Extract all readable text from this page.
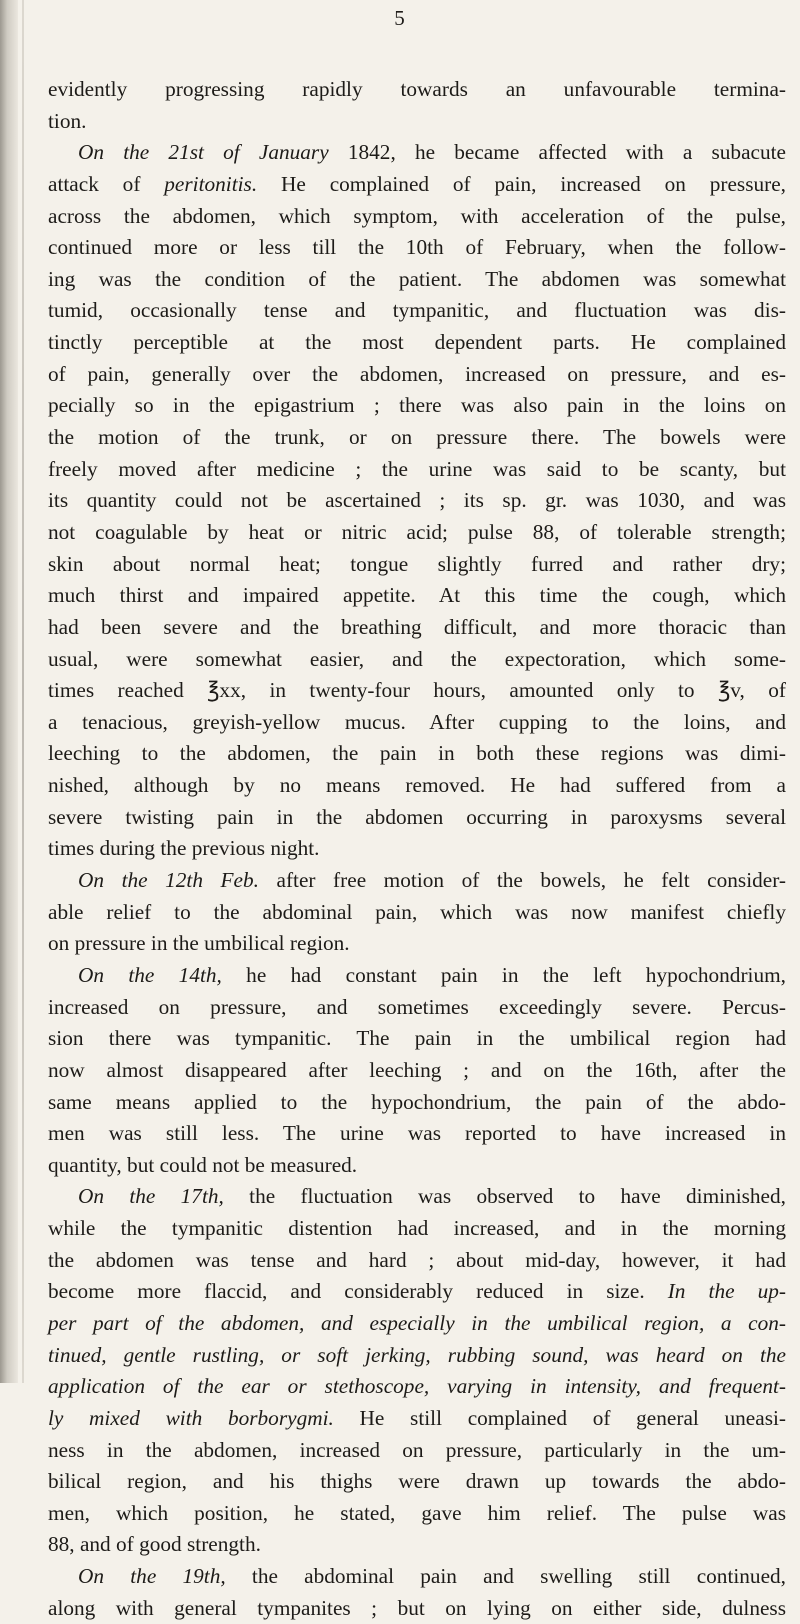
5
evidently progressing rapidly towards an unfavourable termina-
tion.
On the 21st of January 1842, he became affected with a subacute
attack of peritonitis. He complained of pain, increased on pressure,
across the abdomen, which symptom, with acceleration of the pulse,
continued more or less till the 10th of February, when the follow-
ing was the condition of the patient. The abdomen was somewhat
tumid, occasionally tense and tympanitic, and fluctuation was dis-
tinctly perceptible at the most dependent parts. He complained
of pain, generally over the abdomen, increased on pressure, and es-
pecially so in the epigastrium ; there was also pain in the loins on
the motion of the trunk, or on pressure there. The bowels were
freely moved after medicine ; the urine was said to be scanty, but
its quantity could not be ascertained ; its sp. gr. was 1030, and was
not coagulable by heat or nitric acid; pulse 88, of tolerable strength;
skin about normal heat; tongue slightly furred and rather dry;
much thirst and impaired appetite. At this time the cough, which
had been severe and the breathing difficult, and more thoracic than
usual, were somewhat easier, and the expectoration, which some-
times reached ℥xx, in twenty-four hours, amounted only to ℥v, of
a tenacious, greyish-yellow mucus. After cupping to the loins, and
leeching to the abdomen, the pain in both these regions was dimi-
nished, although by no means removed. He had suffered from a
severe twisting pain in the abdomen occurring in paroxysms several
times during the previous night.
On the 12th Feb. after free motion of the bowels, he felt consider-
able relief to the abdominal pain, which was now manifest chiefly
on pressure in the umbilical region.
On the 14th, he had constant pain in the left hypochondrium,
increased on pressure, and sometimes exceedingly severe. Percus-
sion there was tympanitic. The pain in the umbilical region had
now almost disappeared after leeching ; and on the 16th, after the
same means applied to the hypochondrium, the pain of the abdo-
men was still less. The urine was reported to have increased in
quantity, but could not be measured.
On the 17th, the fluctuation was observed to have diminished,
while the tympanitic distention had increased, and in the morning
the abdomen was tense and hard ; about mid-day, however, it had
become more flaccid, and considerably reduced in size. In the up-
per part of the abdomen, and especially in the umbilical region, a con-
tinued, gentle rustling, or soft jerking, rubbing sound, was heard on the
application of the ear or stethoscope, varying in intensity, and frequent-
ly mixed with borborygmi. He still complained of general uneasi-
ness in the abdomen, increased on pressure, particularly in the um-
bilical region, and his thighs were drawn up towards the abdo-
men, which position, he stated, gave him relief. The pulse was
88, and of good strength.
On the 19th, the abdominal pain and swelling still continued,
along with general tympanites ; but on lying on either side, dulness
